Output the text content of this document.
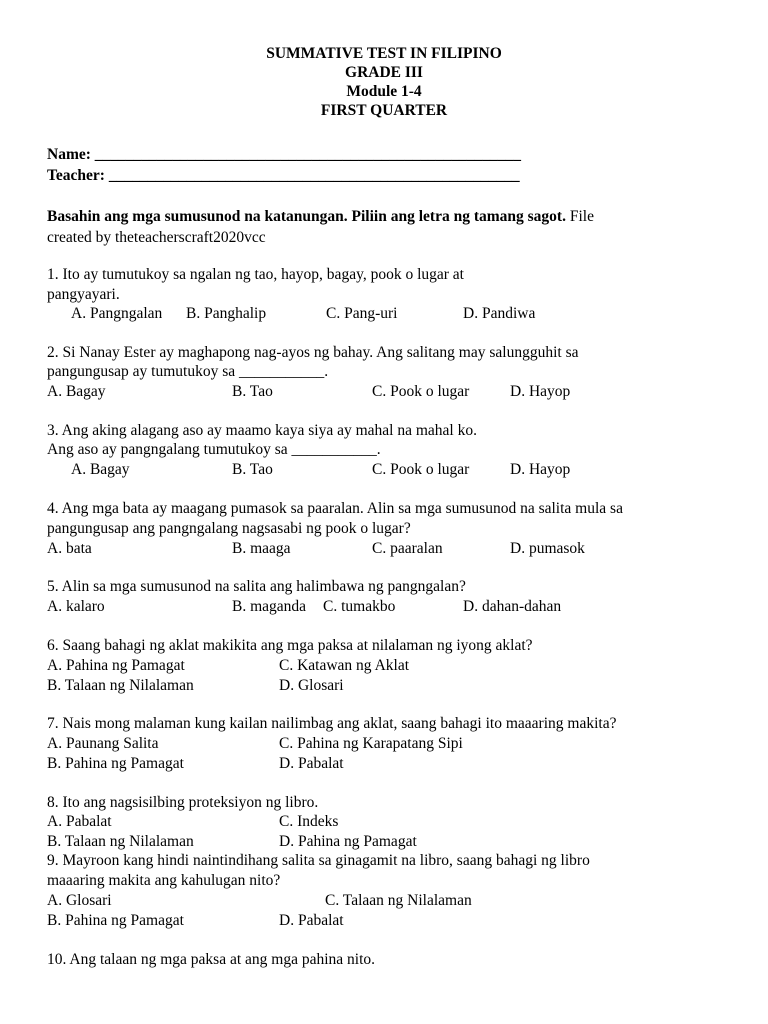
SUMMATIVE TEST IN FILIPINO
GRADE III
Module 1-4
FIRST QUARTER
Name: _______________________________________________________
Teacher: _____________________________________________________
Basahin ang mga sumusunod na katanungan. Piliin ang letra ng tamang sagot. File
created by theteacherscraft2020vcc
1. Ito ay tumutukoy sa ngalan ng tao, hayop, bagay, pook o lugar at
pangyayari.
A. Pangngalan B. Panghalip	C. Pang-uri	D. Pandiwa
2. Si Nanay Ester ay maghapong nag-ayos ng bahay. Ang salitang may salungguhit sa
pangungusap ay tumutukoy sa ___________.
A. Bagay	B. Tao	C. Pook o lugar	D. Hayop
3. Ang aking alagang aso ay maamo kaya siya ay mahal na mahal ko.
Ang aso ay pangngalang tumutukoy sa ___________.
A. Bagay	B. Tao	C. Pook o lugar	D. Hayop
4. Ang mga bata ay maagang pumasok sa paaralan. Alin sa mga sumusunod na salita mula sa
pangungusap ang pangngalang nagsasabi ng pook o lugar?
A. bata	B. maaga	C. paaralan	D. pumasok
5. Alin sa mga sumusunod na salita ang halimbawa ng pangngalan?
A. kalaro	B. maganda C. tumakbo	D. dahan-dahan
6. Saang bahagi ng aklat makikita ang mga paksa at nilalaman ng iyong aklat?
A. Pahina ng Pamagat	C. Katawan ng Aklat
B. Talaan ng Nilalaman	D. Glosari
7. Nais mong malaman kung kailan nailimbag ang aklat, saang bahagi ito maaaring makita?
A. Paunang Salita	C. Pahina ng Karapatang Sipi
B. Pahina ng Pamagat	D. Pabalat
8. Ito ang nagsisilbing proteksiyon ng libro.
A. Pabalat	C. Indeks
B. Talaan ng Nilalaman	D. Pahina ng Pamagat
9. Mayroon kang hindi naintindihang salita sa ginagamit na libro, saang bahagi ng libro
maaaring makita ang kahulugan nito?
A. Glosari	C. Talaan ng Nilalaman
B. Pahina ng Pamagat	D. Pabalat
10. Ang talaan ng mga paksa at ang mga pahina nito.
